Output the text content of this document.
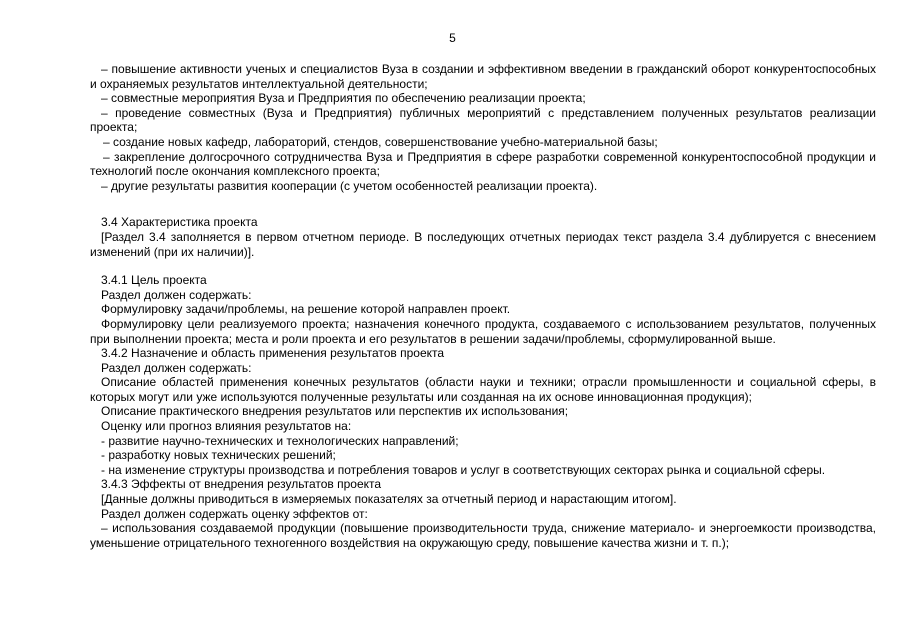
5

– повышение активности ученых и специалистов Вуза в создании и эффективном введении в гражданский оборот конкурентоспособных и охраняемых результатов интеллектуальной деятельности;

– совместные мероприятия Вуза и Предприятия по обеспечению реализации проекта;

– проведение совместных (Вуза и Предприятия) публичных мероприятий с представлением полученных результатов реализации проекта;

– создание новых кафедр, лабораторий, стендов, совершенствование учебно-материальной базы;

– закрепление долгосрочного сотрудничества Вуза и Предприятия в сфере разработки современной конкурентоспособной продукции и технологий после окончания комплексного проекта;

– другие результаты развития кооперации (с учетом особенностей реализации проекта).

3.4 Характеристика проекта

[Раздел 3.4 заполняется в первом отчетном периоде. В последующих отчетных периодах текст раздела 3.4 дублируется с внесением изменений (при их наличии)].

3.4.1 Цель проекта

Раздел должен содержать:

Формулировку задачи/проблемы, на решение которой направлен проект.

Формулировку цели реализуемого проекта; назначения конечного продукта, создаваемого с использованием результатов, полученных при выполнении проекта; места и роли проекта и его результатов в решении задачи/проблемы, сформулированной выше.

3.4.2 Назначение и область применения результатов проекта

Раздел должен содержать:

Описание областей применения конечных результатов (области науки и техники; отрасли промышленности и социальной сферы, в которых могут или уже используются полученные результаты или созданная на их основе инновационная продукция);

Описание практического внедрения результатов или перспектив их использования;

Оценку или прогноз влияния результатов на:

- развитие научно-технических и технологических направлений;

- разработку новых технических решений;

- на изменение структуры производства и потребления товаров и услуг в соответствующих секторах рынка и социальной сферы.

3.4.3 Эффекты от внедрения результатов проекта

[Данные должны приводиться в измеряемых показателях за отчетный период и нарастающим итогом].

Раздел должен содержать оценку эффектов от:

– использования создаваемой продукции (повышение производительности труда, снижение материало- и энергоемкости производства, уменьшение отрицательного техногенного воздействия на окружающую среду, повышение качества жизни и т. п.);
